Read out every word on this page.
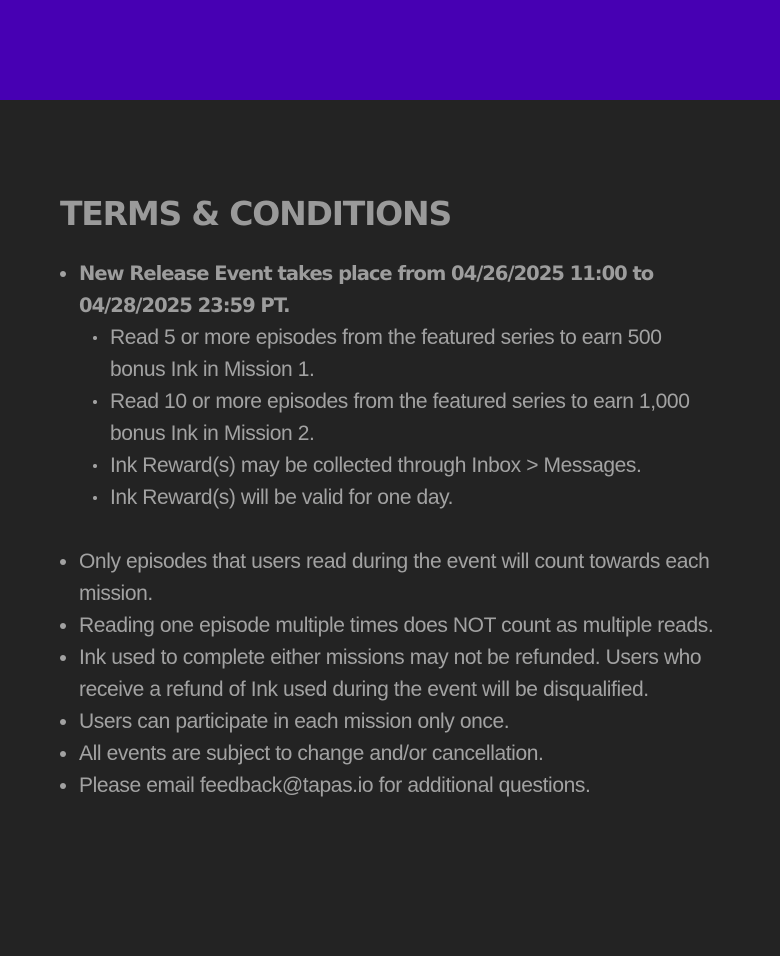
TERMS & CONDITIONS
New Release Event takes place from 04/26/2025 11:00 to 04/28/2025 23:59 PT.
Read 5 or more episodes from the featured series to earn 500 bonus Ink in Mission 1.
Read 10 or more episodes from the featured series to earn 1,000 bonus Ink in Mission 2.
Ink Reward(s) may be collected through Inbox > Messages.
Ink Reward(s) will be valid for one day.
Only episodes that users read during the event will count towards each mission.
Reading one episode multiple times does NOT count as multiple reads.
Ink used to complete either missions may not be refunded. Users who receive a refund of Ink used during the event will be disqualified.
Users can participate in each mission only once.
All events are subject to change and/or cancellation.
Please email feedback@tapas.io for additional questions.
